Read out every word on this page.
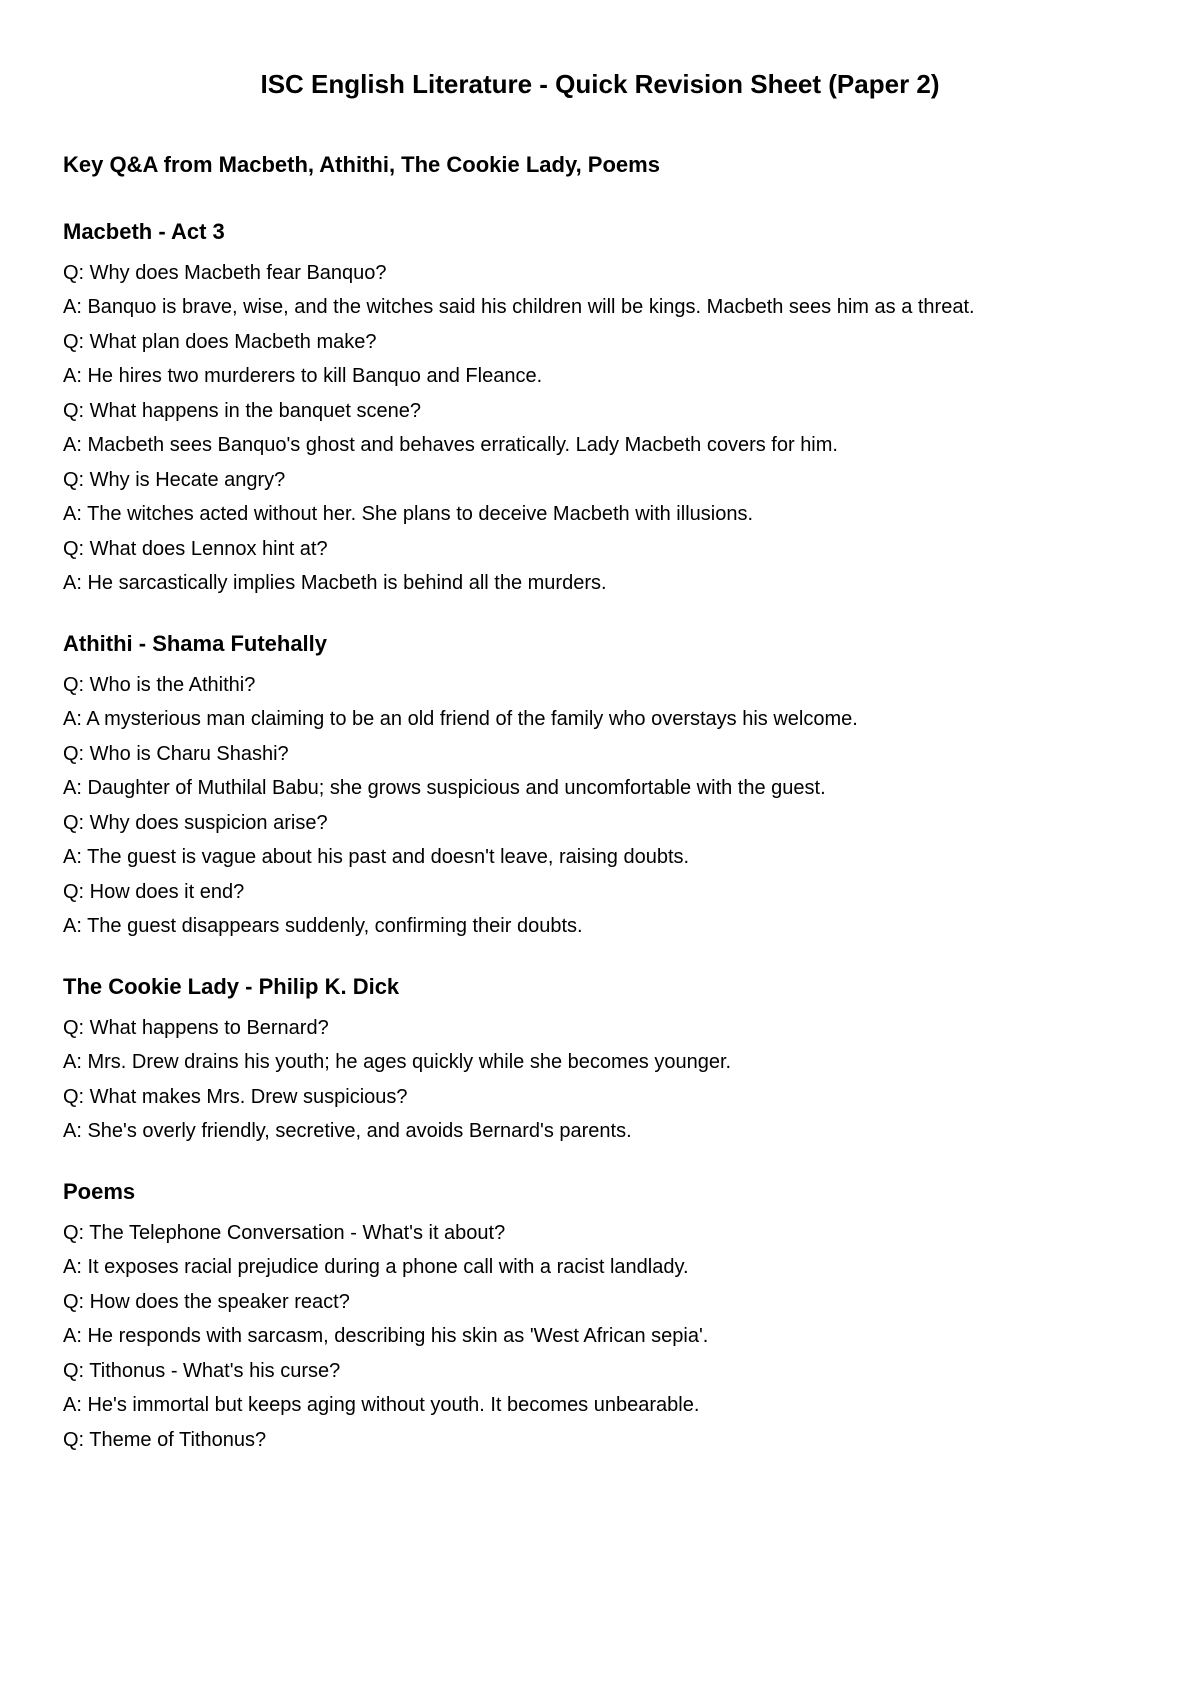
ISC English Literature - Quick Revision Sheet (Paper 2)
Key Q&A from Macbeth, Athithi, The Cookie Lady, Poems
Macbeth - Act 3
Q: Why does Macbeth fear Banquo?
A: Banquo is brave, wise, and the witches said his children will be kings. Macbeth sees him as a threat.
Q: What plan does Macbeth make?
A: He hires two murderers to kill Banquo and Fleance.
Q: What happens in the banquet scene?
A: Macbeth sees Banquo's ghost and behaves erratically. Lady Macbeth covers for him.
Q: Why is Hecate angry?
A: The witches acted without her. She plans to deceive Macbeth with illusions.
Q: What does Lennox hint at?
A: He sarcastically implies Macbeth is behind all the murders.
Athithi - Shama Futehally
Q: Who is the Athithi?
A: A mysterious man claiming to be an old friend of the family who overstays his welcome.
Q: Who is Charu Shashi?
A: Daughter of Muthilal Babu; she grows suspicious and uncomfortable with the guest.
Q: Why does suspicion arise?
A: The guest is vague about his past and doesn't leave, raising doubts.
Q: How does it end?
A: The guest disappears suddenly, confirming their doubts.
The Cookie Lady - Philip K. Dick
Q: What happens to Bernard?
A: Mrs. Drew drains his youth; he ages quickly while she becomes younger.
Q: What makes Mrs. Drew suspicious?
A: She's overly friendly, secretive, and avoids Bernard's parents.
Poems
Q: The Telephone Conversation - What's it about?
A: It exposes racial prejudice during a phone call with a racist landlady.
Q: How does the speaker react?
A: He responds with sarcasm, describing his skin as 'West African sepia'.
Q: Tithonus - What's his curse?
A: He's immortal but keeps aging without youth. It becomes unbearable.
Q: Theme of Tithonus?
